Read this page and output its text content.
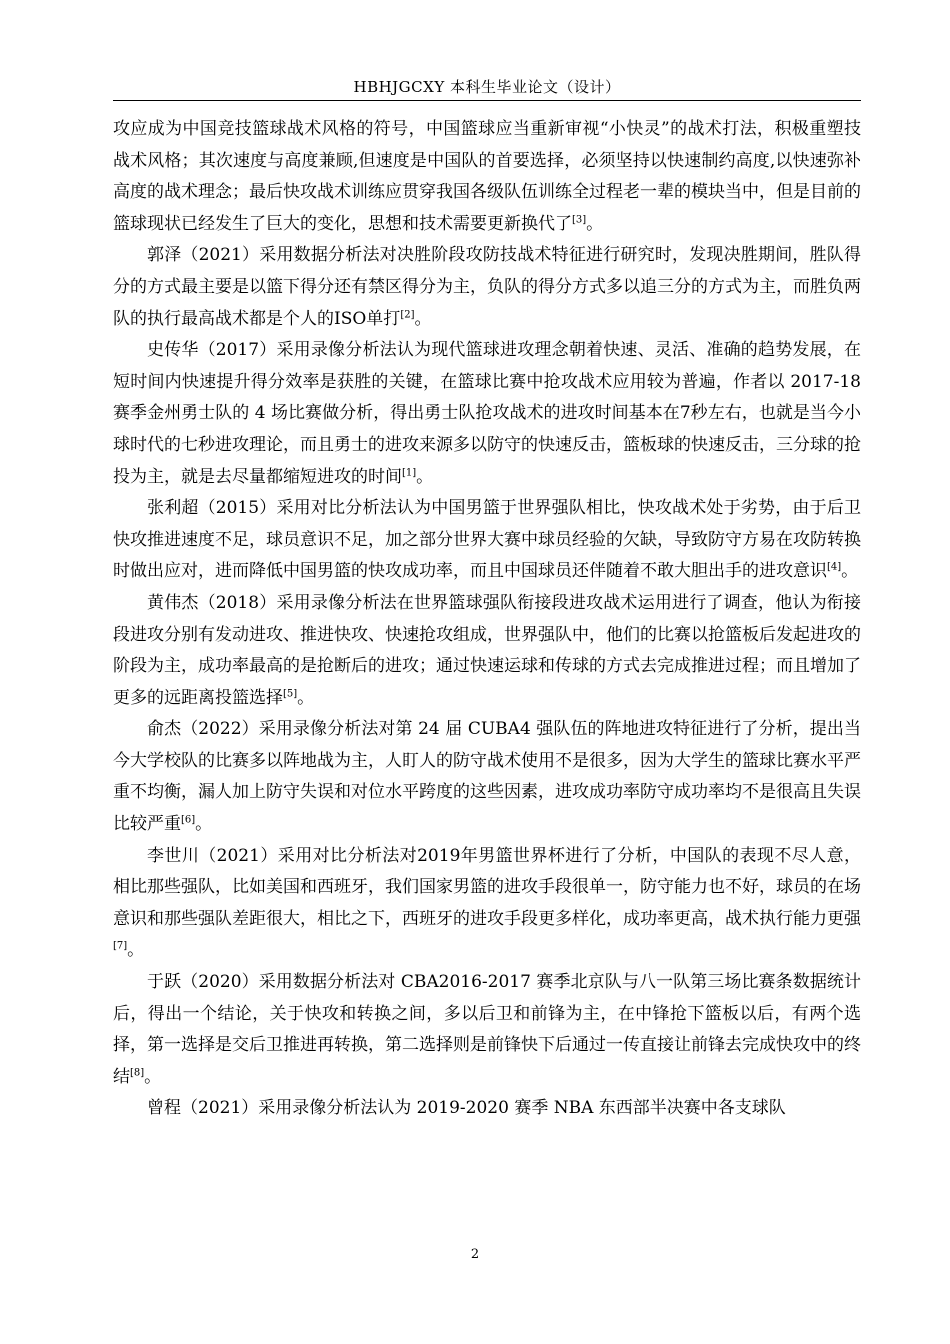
HBHJGCXY 本科生毕业论文（设计）

攻应成为中国竞技篮球战术风格的符号，中国篮球应当重新审视“小快灵”的战术打法，积极重塑技战术风格；其次速度与高度兼顾,但速度是中国队的首要选择，必须坚持以快速制约高度,以快速弥补高度的战术理念；最后快攻战术训练应贯穿我国各级队伍训练全过程老一辈的模块当中，但是目前的篮球现状已经发生了巨大的变化，思想和技术需要更新换代了[3]。

郭泽（2021）采用数据分析法对决胜阶段攻防技战术特征进行研究时，发现决胜期间，胜队得分的方式最主要是以篮下得分还有禁区得分为主，负队的得分方式多以追三分的方式为主，而胜负两队的执行最高战术都是个人的ISO单打[2]。

史传华（2017）采用录像分析法认为现代篮球进攻理念朝着快速、灵活、准确的趋势发展，在短时间内快速提升得分效率是获胜的关键，在篮球比赛中抢攻战术应用较为普遍，作者以 2017-18 赛季金州勇士队的 4 场比赛做分析，得出勇士队抢攻战术的进攻时间基本在7秒左右，也就是当今小球时代的七秒进攻理论，而且勇士的进攻来源多以防守的快速反击，篮板球的快速反击，三分球的抢投为主，就是去尽量都缩短进攻的时间[1]。

张利超（2015）采用对比分析法认为中国男篮于世界强队相比，快攻战术处于劣势，由于后卫快攻推进速度不足，球员意识不足，加之部分世界大赛中球员经验的欠缺，导致防守方易在攻防转换时做出应对，进而降低中国男篮的快攻成功率，而且中国球员还伴随着不敢大胆出手的进攻意识[4]。

黄伟杰（2018）采用录像分析法在世界篮球强队衔接段进攻战术运用进行了调查，他认为衔接段进攻分别有发动进攻、推进快攻、快速抢攻组成，世界强队中，他们的比赛以抢篮板后发起进攻的阶段为主，成功率最高的是抢断后的进攻；通过快速运球和传球的方式去完成推进过程；而且增加了更多的远距离投篮选择[5]。

俞杰（2022）采用录像分析法对第 24 届 CUBA4 强队伍的阵地进攻特征进行了分析，提出当今大学校队的比赛多以阵地战为主，人盯人的防守战术使用不是很多，因为大学生的篮球比赛水平严重不均衡，漏人加上防守失误和对位水平跨度的这些因素，进攻成功率防守成功率均不是很高且失误比较严重[6]。

李世川（2021）采用对比分析法对2019年男篮世界杯进行了分析，中国队的表现不尽人意，相比那些强队，比如美国和西班牙，我们国家男篮的进攻手段很单一，防守能力也不好，球员的在场意识和那些强队差距很大，相比之下，西班牙的进攻手段更多样化，成功率更高，战术执行能力更强[7]。

于跃（2020）采用数据分析法对 CBA2016-2017 赛季北京队与八一队第三场比赛条数据统计后，得出一个结论，关于快攻和转换之间，多以后卫和前锋为主，在中锋抢下篮板以后，有两个选择，第一选择是交后卫推进再转换，第二选择则是前锋快下后通过一传直接让前锋去完成快攻中的终结[8]。

曾程（2021）采用录像分析法认为 2019-2020 赛季 NBA 东西部半决赛中各支球队

2
